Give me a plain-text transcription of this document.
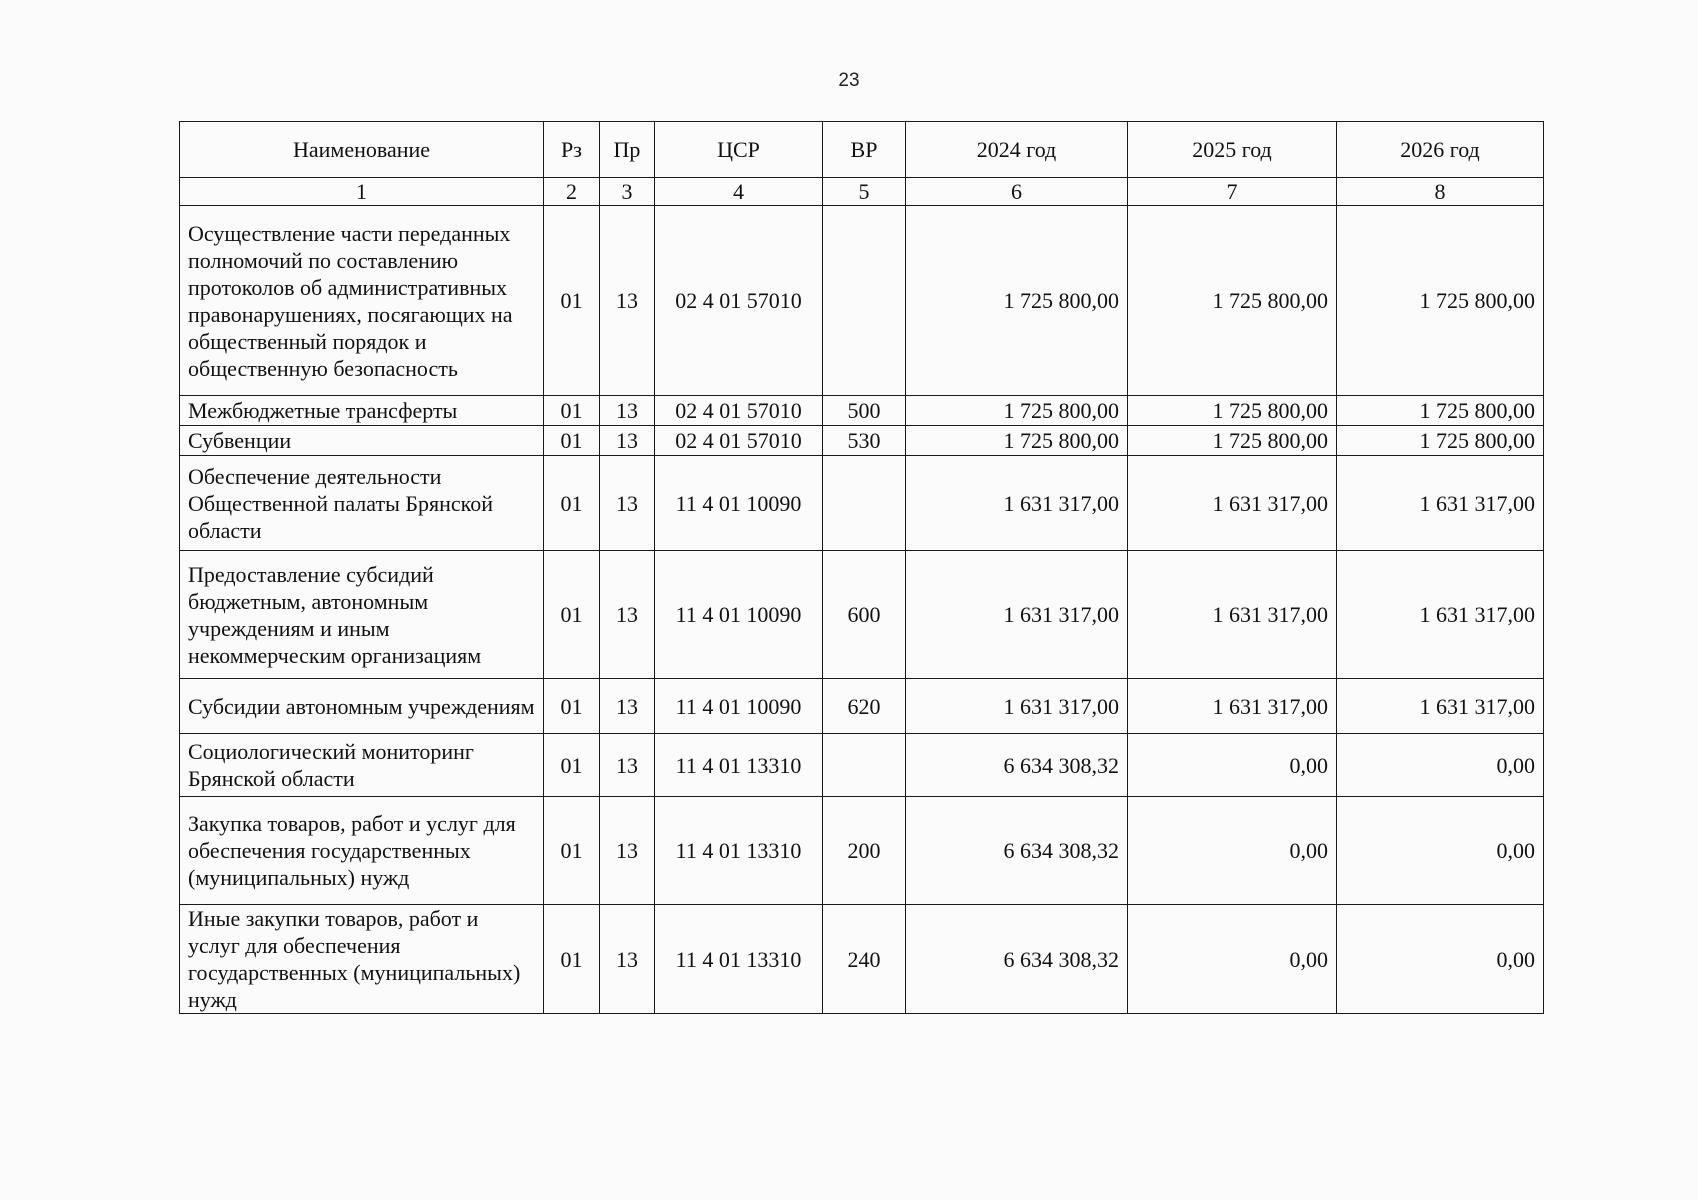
23
Наименование	Рз	Пр	ЦСР	ВР	2024 год	2025 год	2026 год
1	2	3	4	5	6	7	8
Осуществление части переданных полномочий по составлению протоколов об административных правонарушениях, посягающих на общественный порядок и общественную безопасность	01	13	02 4 01 57010		1 725 800,00	1 725 800,00	1 725 800,00
Межбюджетные трансферты	01	13	02 4 01 57010	500	1 725 800,00	1 725 800,00	1 725 800,00
Субвенции	01	13	02 4 01 57010	530	1 725 800,00	1 725 800,00	1 725 800,00
Обеспечение деятельности Общественной палаты Брянской области	01	13	11 4 01 10090		1 631 317,00	1 631 317,00	1 631 317,00
Предоставление субсидий бюджетным, автономным учреждениям и иным некоммерческим организациям	01	13	11 4 01 10090	600	1 631 317,00	1 631 317,00	1 631 317,00
Субсидии автономным учреждениям	01	13	11 4 01 10090	620	1 631 317,00	1 631 317,00	1 631 317,00
Социологический мониторинг Брянской области	01	13	11 4 01 13310		6 634 308,32	0,00	0,00
Закупка товаров, работ и услуг для обеспечения государственных (муниципальных) нужд	01	13	11 4 01 13310	200	6 634 308,32	0,00	0,00
Иные закупки товаров, работ и услуг для обеспечения государственных (муниципальных) нужд	01	13	11 4 01 13310	240	6 634 308,32	0,00	0,00
